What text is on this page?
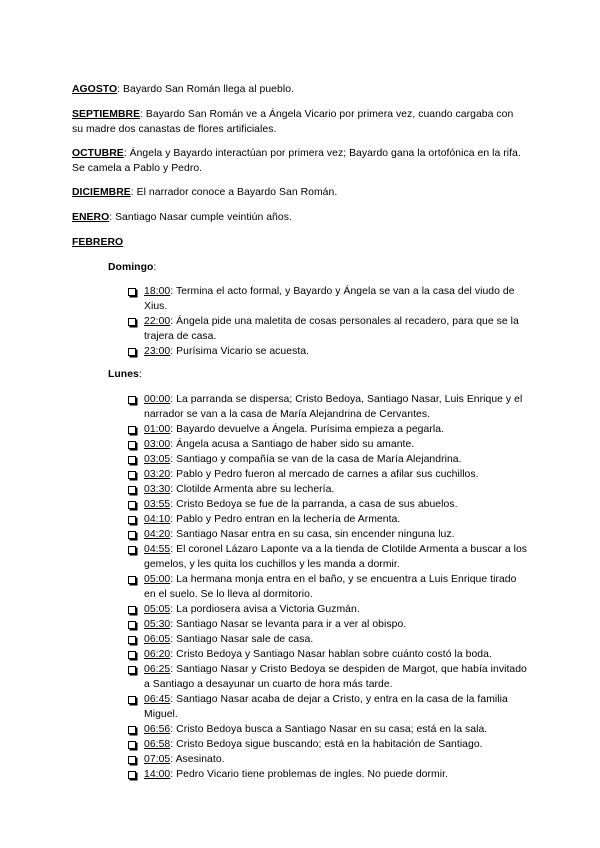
AGOSTO: Bayardo San Román llega al pueblo.

SEPTIEMBRE: Bayardo San Román ve a Ángela Vicario por primera vez, cuando cargaba con su madre dos canastas de flores artificiales.

OCTUBRE: Ángela y Bayardo interactúan por primera vez; Bayardo gana la ortofónica en la rifa. Se camela a Pablo y Pedro.

DICIEMBRE: El narrador conoce a Bayardo San Román.

ENERO: Santiago Nasar cumple veintiún años.

FEBRERO

Domingo:

18:00: Termina el acto formal, y Bayardo y Ángela se van a la casa del viudo de Xius.
22:00: Ángela pide una maletita de cosas personales al recadero, para que se la trajera de casa.
23:00: Purísima Vicario se acuesta.

Lunes:

00:00: La parranda se dispersa; Cristo Bedoya, Santiago Nasar, Luis Enrique y el narrador se van a la casa de María Alejandrina de Cervantes.
01:00: Bayardo devuelve a Ángela. Purísima empieza a pegarla.
03:00: Ángela acusa a Santiago de haber sido su amante.
03:05: Santiago y compañía se van de la casa de María Alejandrina.
03:20: Pablo y Pedro fueron al mercado de carnes a afilar sus cuchillos.
03:30: Clotilde Armenta abre su lechería.
03:55: Cristo Bedoya se fue de la parranda, a casa de sus abuelos.
04:10: Pablo y Pedro entran en la lechería de Armenta.
04:20: Santiago Nasar entra en su casa, sin encender ninguna luz.
04:55: El coronel Lázaro Laponte va a la tienda de Clotilde Armenta a buscar a los gemelos, y les quita los cuchillos y les manda a dormir.
05:00: La hermana monja entra en el baño, y se encuentra a Luis Enrique tirado en el suelo. Se lo lleva al dormitorio.
05:05: La pordiosera avisa a Victoria Guzmán.
05:30: Santiago Nasar se levanta para ir a ver al obispo.
06:05: Santiago Nasar sale de casa.
06:20: Cristo Bedoya y Santiago Nasar hablan sobre cuánto costó la boda.
06:25: Santiago Nasar y Cristo Bedoya se despiden de Margot, que había invitado a Santiago a desayunar un cuarto de hora más tarde.
06:45: Santiago Nasar acaba de dejar a Cristo, y entra en la casa de la familia Miguel.
06:56: Cristo Bedoya busca a Santiago Nasar en su casa; está en la sala.
06:58: Cristo Bedoya sigue buscando; está en la habitación de Santiago.
07:05: Asesinato.
14:00: Pedro Vicario tiene problemas de ingles. No puede dormir.
